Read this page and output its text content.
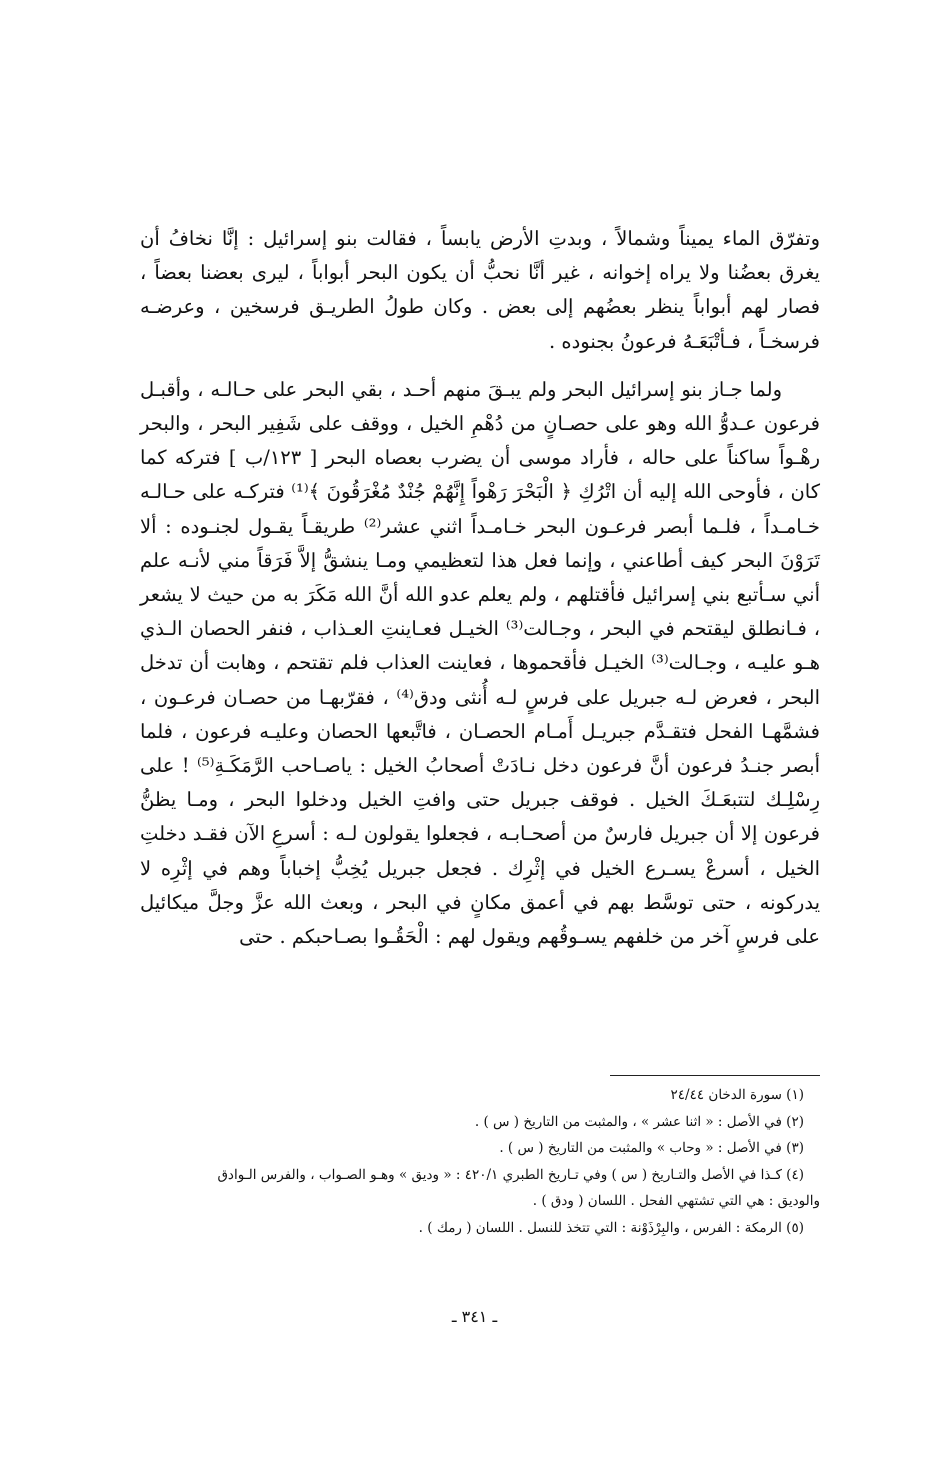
وتفرّق الماء يميناً وشمالاً ، وبدتِ الأرض يابساً ، فقالت بنو إسرائيل : إنَّا نخافُ أن يغرق بعضُنا ولا يراه إخوانه ، غير أنَّا نحبُّ أن يكون البحر أبواباً ، ليرى بعضنا بعضاً ، فصار لهم أبواباً ينظر بعضُهم إلى بعض . وكان طولُ الطريـق فرسخين ، وعرضـه فرسخـاً ، فـأتْبَعَـهُ فرعونُ بجنوده .

ولما جـاز بنو إسرائيل البحر ولم يبـقَ منهم أحـد ، بقي البحر على حـالـه ، وأقبـل فرعون عـدوُّ الله وهو على حصـانٍ من دُهْمِ الخيل ، ووقف على شَفِير البحر ، والبحر رهْـواً ساكناً على حاله ، فأراد موسى أن يضرب بعصاه البحر [ ١٢٣/ب ] فتركه كما كان ، فأوحى الله إليه أن اتْرُكِ ﴿ الْبَحْرَ رَهْواً إِنَّهُمْ جُنْدٌ مُغْرَقُونَ ﴾⁽¹⁾ فتركـه على حـالـه خـامـداً ، فلـما أبصر فرعـون البحر خـامـداً اثني عشر⁽²⁾ طريقـاً يقـول لجنـوده : ألا تَرَوْنَ البحر كيف أطاعني ، وإنما فعل هذا لتعظيمي ومـا ينشقُّ إلاَّ فَرَقاً مني لأنـه علم أني سـأتبع بني إسرائيل فأقتلهم ، ولم يعلم عدو الله أنَّ الله مَكَرَ به من حيث لا يشعر ، فـانطلق ليقتحم في البحر ، وجـالت⁽³⁾ الخيـل فعـاينتِ العـذاب ، فنفر الحصان الـذي هـو عليـه ، وجـالت⁽³⁾ الخيـل فأقحموها ، فعاينت العذاب فلم تقتحم ، وهابت أن تدخل البحر ، فعرض لـه جبريل على فرسٍ لـه أُنثى ودق⁽⁴⁾ ، فقرّبهـا من حصـان فرعـون ، فشمَّهـا الفحل فتقـدَّم جبريـل أَمـام الحصـان ، فاتَّبعها الحصان وعليـه فرعون ، فلما أبصر جنـدُ فرعون أنَّ فرعون دخل نـادَتْ أصحابُ الخيل : ياصـاحب الرَّمَكَـةِ⁽⁵⁾ ! على رِسْلِـك لتتبعَـكَ الخيل . فوقف جبريل حتى وافتِ الخيل ودخلوا البحر ، ومـا يظنُّ فرعون إلا أن جبريل فارسٌ من أصحـابـه ، فجعلوا يقولون لـه : أسرعِ الآن فقـد دخلتِ الخيل ، أسرعْ يسـرع الخيل في إثْرِك . فجعل جبريل يُخِبُّ إخباباً وهم في إثْرِه لا يدركونه ، حتى توسَّط بهم في أعمق مكانٍ في البحر ، وبعث الله عزَّ وجلَّ ميكائيل على فرسٍ آخر من خلفهم يسـوقُهم ويقول لهم : الْحَقُـوا بصـاحبكم . حتى

(١) سورة الدخان ٢٤/٤٤

(٢) في الأصل : « اثنا عشر » ، والمثبت من التاريخ ( س ) .

(٣) في الأصل : « وحاب » والمثبت من التاريخ ( س ) .

(٤) كـذا في الأصل والتـاريخ ( س ) وفي تـاريخ الطبري ٤٢٠/١ : « وديق » وهـو الصـواب ، والفرس الـوادق

والوديق : هي التي تشتهي الفحل . اللسان ( ودق ) .

(٥) الرمكة : الفرس ، والبِرْذَوْنة : التي تتخذ للنسل . اللسان ( رمك ) .

ـ ٣٤١ ـ
